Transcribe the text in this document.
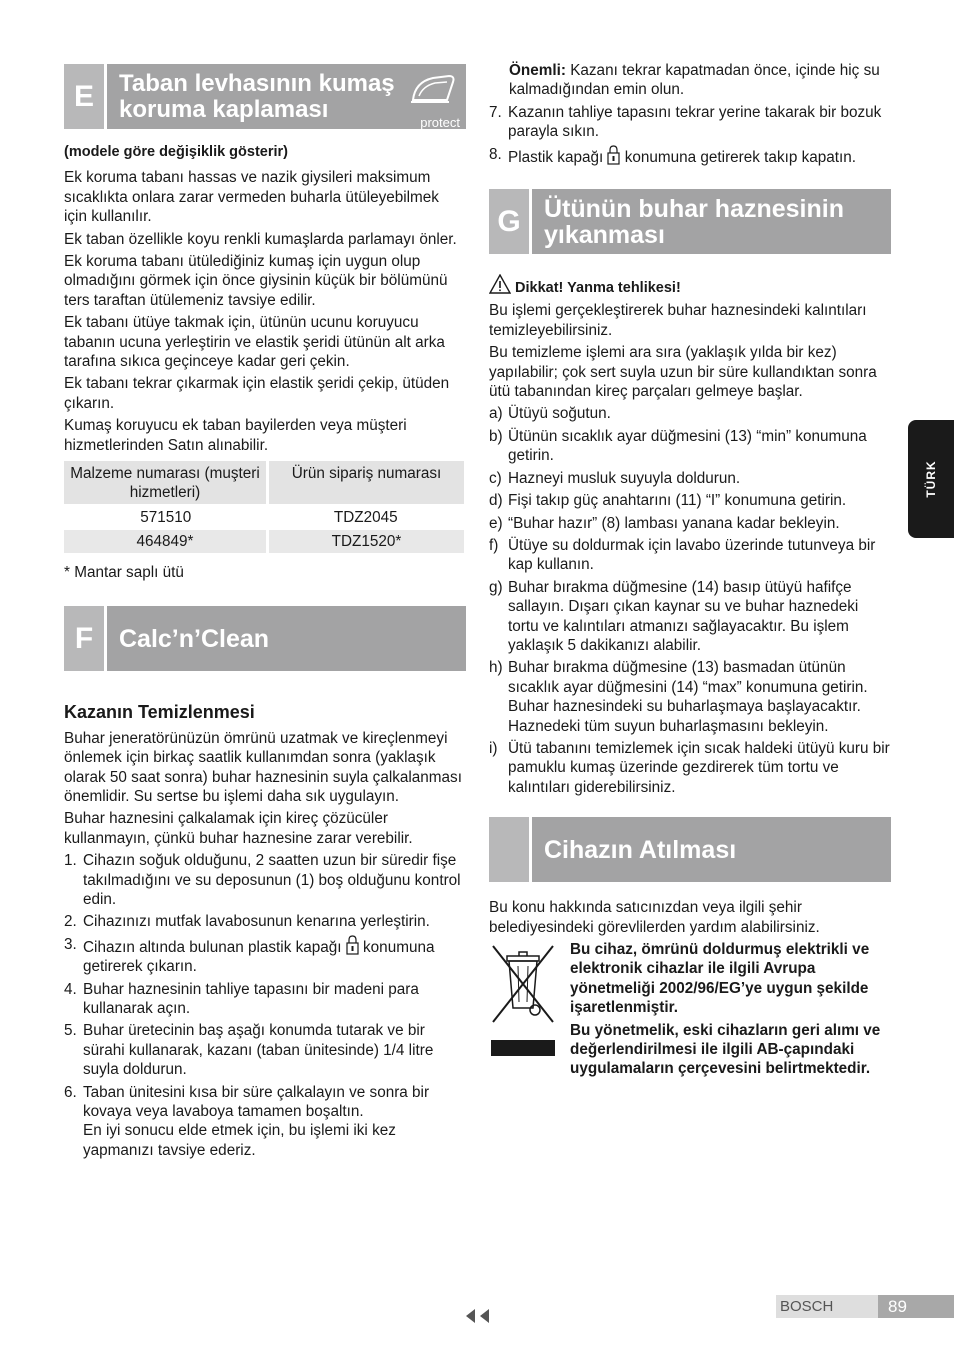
E	Taban levhasının kumaş
koruma kaplaması
protect

(modele göre değişiklik gösterir)

Ek koruma tabanı hassas ve nazik giysileri maksimum sıcaklıkta onlara zarar vermeden buharla ütüleyebilmek için kullanılır.

Ek taban özellikle koyu renkli kumaşlarda parlamayı önler.

Ek koruma tabanı ütülediğiniz kumaş için uygun olup olmadığını görmek için önce giysinin küçük bir bölümünü ters taraftan ütülemeniz tavsiye edilir.

Ek tabanı ütüye takmak için, ütünün ucunu koruyucu tabanın ucuna yerleştirin ve elastik şeridi ütünün alt arka tarafına sıkıca geçinceye kadar geri çekin.

Ek tabanı tekrar çıkarmak için elastik şeridi çekip, ütüden çıkarın.

Kumaş koruyucu ek taban bayilerden veya müşteri hizmetlerinden Satın alınabilir.

Malzeme numarası (muşteri hizmetleri)	Ürün sipariş numarası
571510	TDZ2045
464849*	TDZ1520*

* Mantar saplı ütü

F	Calc’n’Clean

Kazanın Temizlenmesi

Buhar jeneratörünüzün ömrünü uzatmak ve kireçlenmeyi önlemek için birkaç saatlik kullanımdan sonra (yaklaşık olarak 50 saat sonra) buhar haznesinin suyla çalkalanması önemlidir. Su sertse bu işlemi daha sık uygulayın.

Buhar haznesini çalkalamak için kireç çözücüler kullanmayın, çünkü buhar haznesine zarar verebilir.

1. Cihazın soğuk olduğunu, 2 saatten uzun bir süredir fişe takılmadığını ve su deposunun (1) boş olduğunu kontrol edin.
2. Cihazınızı mutfak lavabosunun kenarına yerleştirin.
3. Cihazın altında bulunan plastik kapağı konumuna getirerek çıkarın.
4. Buhar haznesinin tahliye tapasını bir madeni para kullanarak açın.
5. Buhar üretecinin baş aşağı konumda tutarak ve bir sürahi kullanarak, kazanı (taban ünitesinde) 1/4 litre suyla doldurun.
6. Taban ünitesini kısa bir süre çalkalayın ve sonra bir kovaya veya lavaboya tamamen boşaltın.
En iyi sonucu elde etmek için, bu işlemi iki kez yapmanızı tavsiye ederiz.

Önemli: Kazanı tekrar kapatmadan önce, içinde hiç su kalmadığından emin olun.

7. Kazanın tahliye tapasını tekrar yerine takarak bir bozuk parayla sıkın.
8. Plastik kapağı konumuna getirerek takıp kapatın.
G Ütünün buhar haznesinin
yıkanması

Dikkat! Yanma tehlikesi!

Bu işlemi gerçekleştirerek buhar haznesindeki kalıntıları temizleyebilirsiniz.

Bu temizleme işlemi ara sıra (yaklaşık yılda bir kez) yapılabilir; çok sert suyla uzun bir süre kullandıktan sonra ütü tabanından kireç parçaları gelmeye başlar.

a) Ütüyü soğutun.
b) Ütünün sıcaklık ayar düğmesini (13) “min” konumuna getirin.
c) Hazneyi musluk suyuyla doldurun.
d) Fişi takıp güç anahtarını (11) “I” konumuna getirin.
e) “Buhar hazır” (8) lambası yanana kadar bekleyin.
f) Ütüye su doldurmak için lavabo üzerinde tutunveya bir kap kullanın.
g) Buhar bırakma düğmesine (14) basıp ütüyü hafifçe sallayın. Dışarı çıkan kaynar su ve buhar haznedeki tortu ve kalıntıları atmanızı sağlayacaktır. Bu işlem yaklaşık 5 dakikanızı alabilir.
h) Buhar bırakma düğmesine (13) basmadan ütünün sıcaklık ayar düğmesini (14) “max” konumuna getirin. Buhar haznesindeki su buharlaşmaya başlayacaktır. Haznedeki tüm suyun buharlaşmasını bekleyin.
i) Ütü tabanını temizlemek için sıcak haldeki ütüyü kuru bir pamuklu kumaş üzerinde gezdirerek tüm tortu ve kalıntıları giderebilirsiniz.
Cihazın Atılması

Bu konu hakkında satıcınızdan veya ilgili şehir belediyesindeki görevlilerden yardım alabilirsiniz.

Bu cihaz, ömrünü doldurmuş elektrikli ve elektronik cihazlar ile ilgili Avrupa yönetmeliği 2002/96/EG’ye uygun şekilde işaretlenmiştir.

Bu yönetmelik, eski cihazların geri alımı ve değerlendirilmesi ile ilgili AB-çapındaki uygulamaların çerçevesini belirtmektedir.

TÜRK
BOSCH	89
